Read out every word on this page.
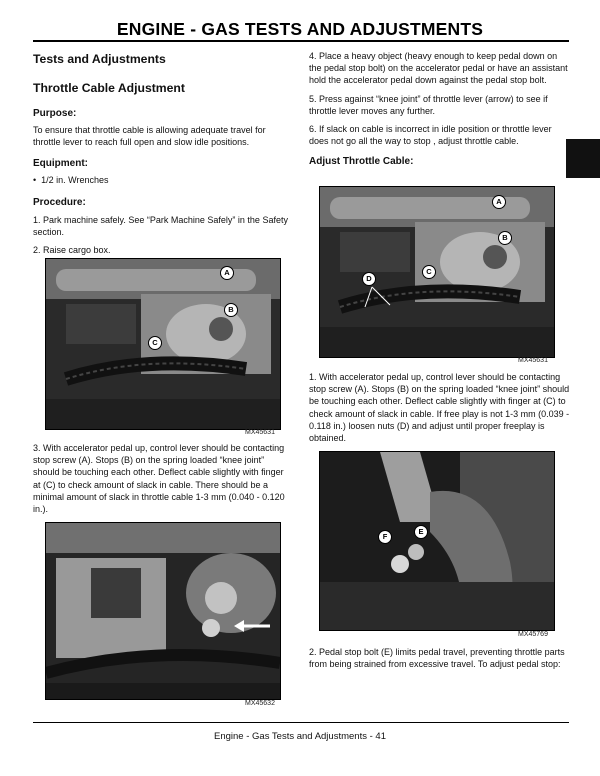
ENGINE - GAS TESTS AND ADJUSTMENTS

Tests and Adjustments

Throttle Cable Adjustment

Purpose:

To ensure that throttle cable is allowing adequate travel for throttle lever to reach full open and slow idle positions.

Equipment:

•  1/2 in. Wrenches

Procedure:

1. Park machine safely. See “Park Machine Safely” in the Safety section.

2. Raise cargo box.

A
B
C
MX45631

3. With accelerator pedal up, control lever should be contacting stop screw (A). Stops (B) on the spring loaded “knee joint” should be touching each other. Deflect cable slightly with finger at (C) to check amount of slack in cable. There should be a minimal amount of slack in throttle cable 1-3 mm (0.040 - 0.120 in.).

MX45632

4. Place a heavy object (heavy enough to keep pedal down on the pedal stop bolt) on the accelerator pedal or have an assistant hold the accelerator pedal down against the pedal stop bolt.

5. Press against “knee joint” of throttle lever (arrow) to see if throttle lever moves any further.

6. If slack on cable is incorrect in idle position or throttle lever does not go all the way to stop , adjust throttle cable.

Adjust Throttle Cable:

A
B
C
D
MX45631

1. With accelerator pedal up, control lever should be contacting stop screw (A). Stops (B) on the spring loaded “knee joint” should be touching each other. Deflect cable slightly with finger at (C) to check amount of slack in cable. If free play is not 1-3 mm (0.039 - 0.118 in.) loosen nuts (D) and adjust until proper freeplay is obtained.

F
E
MX45769

2. Pedal stop bolt (E) limits pedal travel, preventing throttle parts from being strained from excessive travel. To adjust pedal stop:

Engine - Gas Tests and Adjustments - 41
